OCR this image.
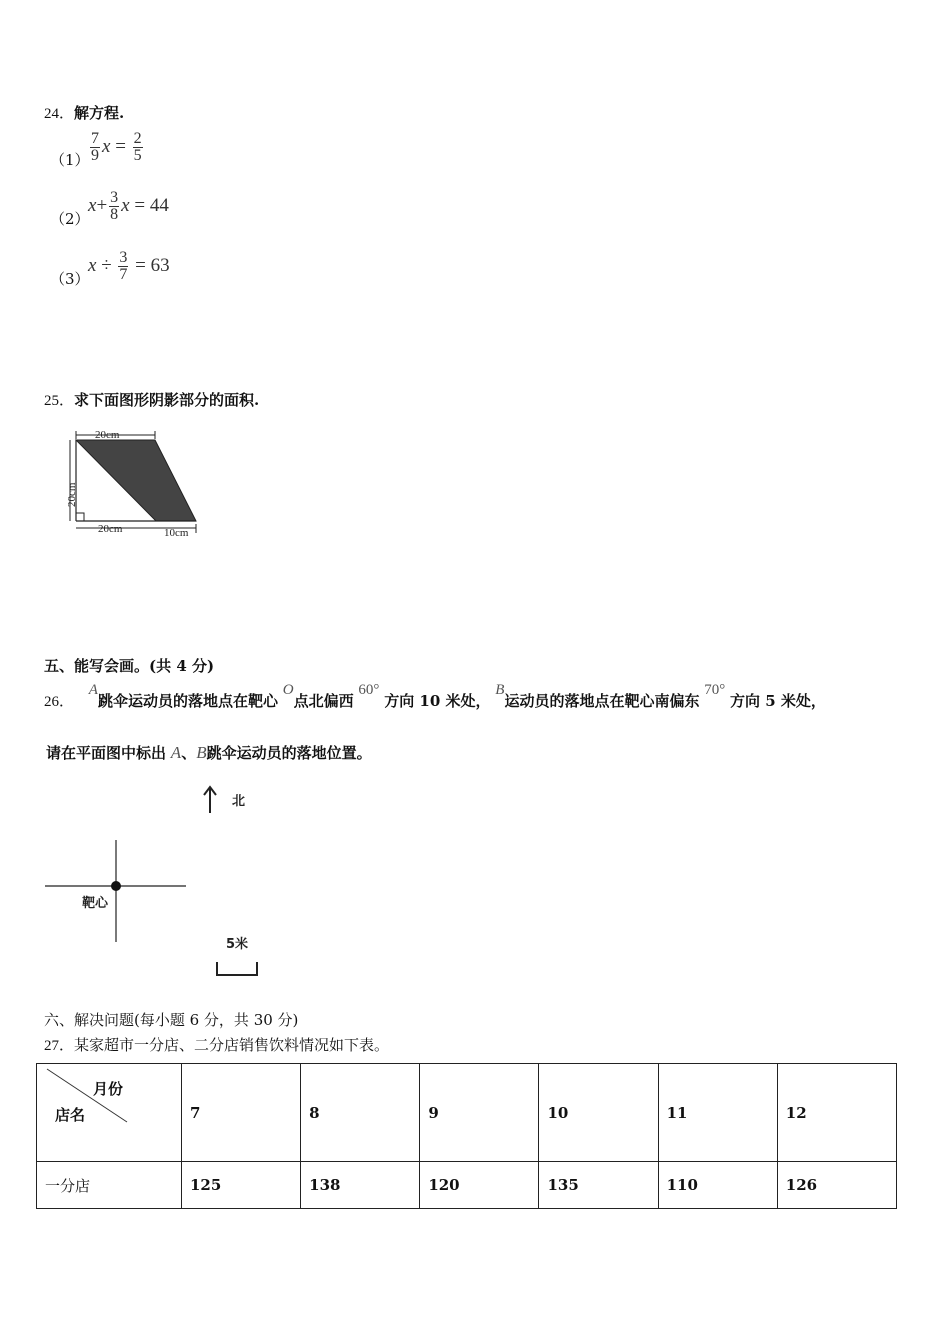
24．解方程.
$(1) \frac{7}{9}$ $x = \frac{2}{5}$
（2）
$x+ \frac{3}{8}$ x = 44
（3）
$x \div \frac{3}{7} = 63$
25．求下面图形阴影部分的面积.
20cm
20cm
20cm	10cm
五、能写会画。(共 4 分)
26． A跳伞运动员的落地点在靶心 O点北偏西 60° 方向 10 米处， B运动员的落地点在靶心南偏东 70° 方向 5 米处，
请在平面图中标出 A、B跳伞运动员的落地位置。
北
靶心
5米
六、解决问题(每小题 6 分，共 30 分)
27．某家超市一分店、二分店销售饮料情况如下表。
月份
店名	7	8	9	10	11	12
一分店	125	138	120	135	110	126
